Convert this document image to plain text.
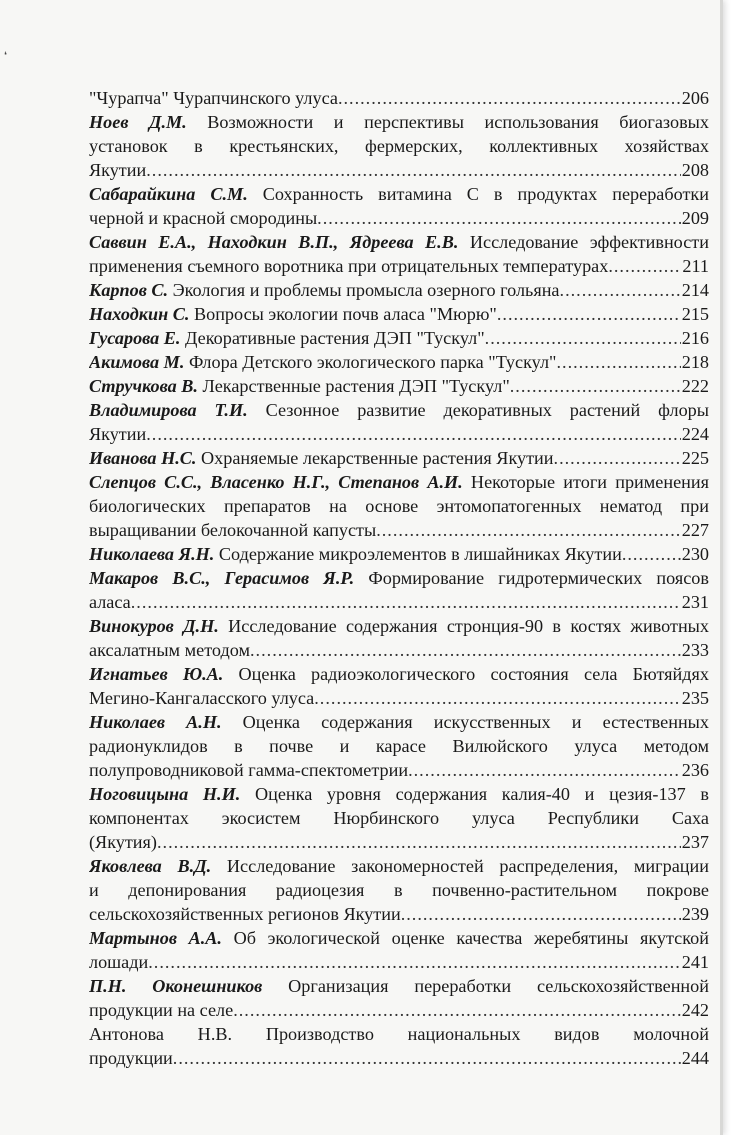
❛
"Чурапча" Чурапчинского улуса .....	206
Ноев Д.М. Возможности и перспективы использования биогазовых
установок в крестьянских, фермерских, коллективных хозяйствах
Якутии .....	208
Сабарайкина С.М. Сохранность витамина С в продуктах переработки
черной и красной смородины .....	209
Саввин Е.А., Находкин В.П., Ядреева Е.В. Исследование эффективности
применения съемного воротника при отрицательных температурах .....	211
Карпов С. Экология и проблемы промысла озерного гольяна .....	214
Находкин С. Вопросы экологии почв аласа "Мюрю" .....	215
Гусарова Е. Декоративные растения ДЭП "Тускул" .....	216
Акимова М. Флора Детского экологического парка "Тускул" .....	218
Стручкова В. Лекарственные растения ДЭП "Тускул" .....	222
Владимирова Т.И. Сезонное развитие декоративных растений флоры
Якутии .....	224
Иванова Н.С. Охраняемые лекарственные растения Якутии .....	225
Слепцов С.С., Власенко Н.Г., Степанов А.И. Некоторые итоги применения
биологических препаратов на основе энтомопатогенных нематод при
выращивании белокочанной капусты .....	227
Николаева Я.Н. Содержание микроэлементов в лишайниках Якутии .....	230
Макаров В.С., Герасимов Я.Р. Формирование гидротермических поясов
аласа .....	231
Винокуров Д.Н. Исследование содержания стронция-90 в костях животных
аксалатным методом .....	233
Игнатьев Ю.А. Оценка радиоэкологического состояния села Бютяйдях
Мегино-Кангаласского улуса .....	235
Николаев А.Н. Оценка содержания искусственных и естественных
радионуклидов в почве и карасе Вилюйского улуса методом
полупроводниковой гамма-спектометрии .....	236
Ноговицына Н.И. Оценка уровня содержания калия-40 и цезия-137 в
компонентах экосистем Нюрбинского улуса Республики Саха
(Якутия) .....	237
Яковлева В.Д. Исследование закономерностей распределения, миграции
и депонирования радиоцезия в почвенно-растительном покрове
сельскохозяйственных регионов Якутии .....	239
Мартынов А.А. Об экологической оценке качества жеребятины якутской
лошади .....	241
П.Н. Оконешников Организация переработки сельскохозяйственной
продукции на селе .....	242
Антонова Н.В. Производство национальных видов молочной
продукции .....	244
